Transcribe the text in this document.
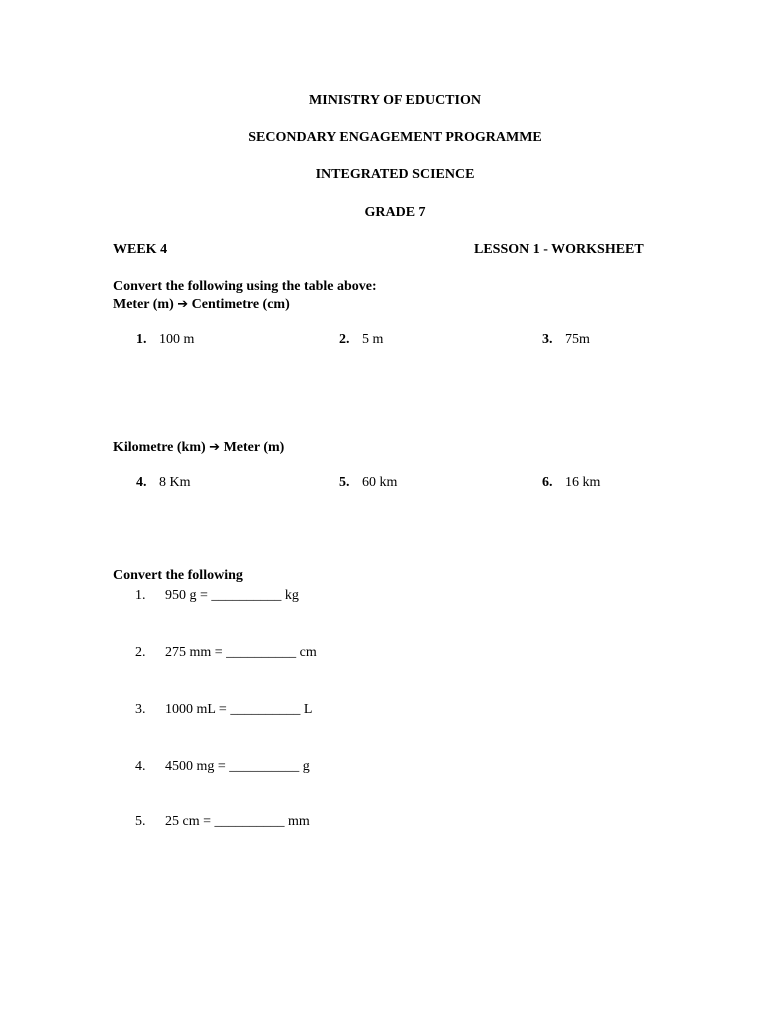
MINISTRY OF EDUCTION
SECONDARY ENGAGEMENT PROGRAMME
INTEGRATED SCIENCE
GRADE 7
WEEK 4	LESSON 1 - WORKSHEET
Convert the following using the table above:
Meter (m) ➔ Centimetre (cm)
1. 100 m	2. 5 m	3. 75m
Kilometre (km) ➔ Meter (m)
4. 8 Km	5. 60 km	6. 16 km
Convert the following
1. 950 g = __________ kg
2. 275 mm = __________ cm
3. 1000 mL = __________ L
4. 4500 mg = __________ g
5. 25 cm = __________ mm
